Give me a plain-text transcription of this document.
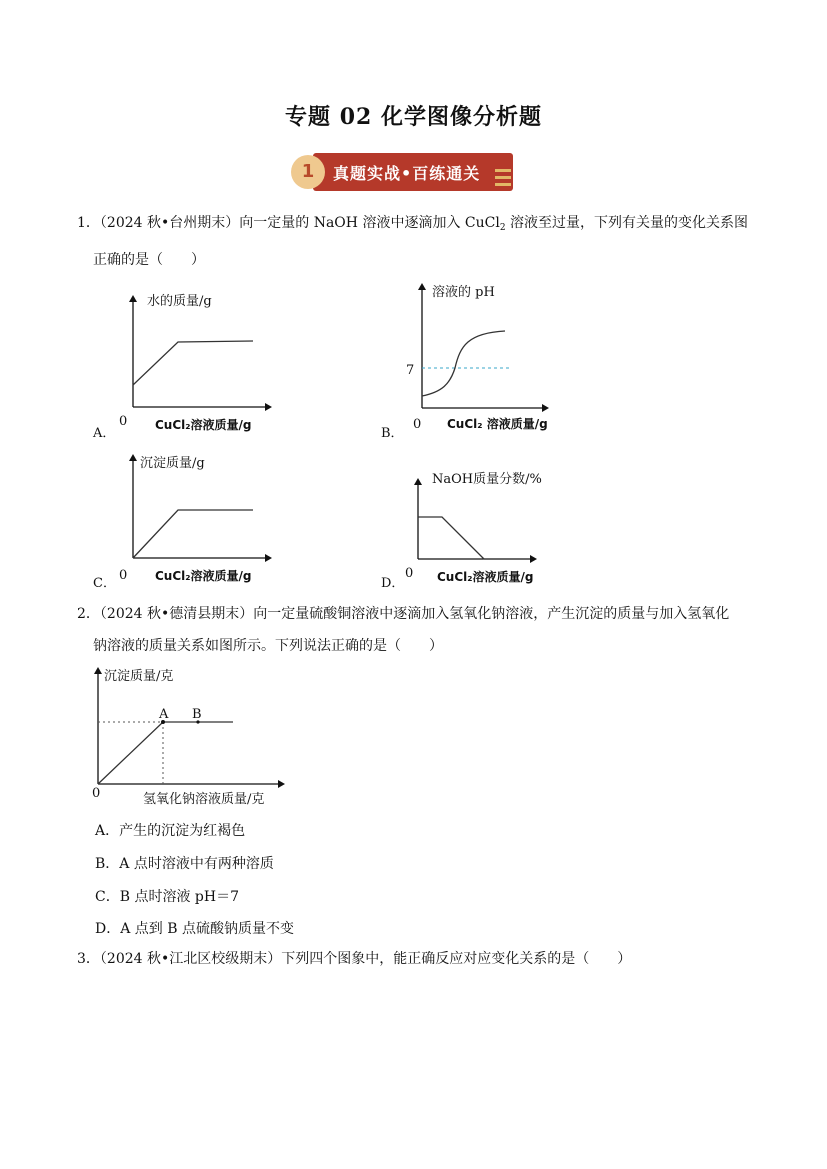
专题 02 化学图像分析题
真题实战•百练通关
1
1．（2024 秋•台州期末）向一定量的 NaOH 溶液中逐滴加入 CuCl$_2$ 溶液至过量，下列有关量的变化关系图
正确的是（　　）
水的质量/g
0 CuCl₂溶液质量/g
A．
溶液的 pH
7
0 CuCl₂ 溶液质量/g
B．
沉淀质量/g
0 CuCl₂溶液质量/g
C．
NaOH质量分数/%
0 CuCl₂溶液质量/g
D．
2．（2024 秋•德清县期末）向一定量硫酸铜溶液中逐滴加入氢氧化钠溶液，产生沉淀的质量与加入氢氧化
钠溶液的质量关系如图所示。下列说法正确的是（　　）
沉淀质量/克
A B
0	氢氧化钠溶液质量/克
A．产生的沉淀为红褐色
B．A 点时溶液中有两种溶质
C．B 点时溶液 pH＝7
D．A 点到 B 点硫酸钠质量不变
3．（2024 秋•江北区校级期末）下列四个图象中，能正确反应对应变化关系的是（　　）
